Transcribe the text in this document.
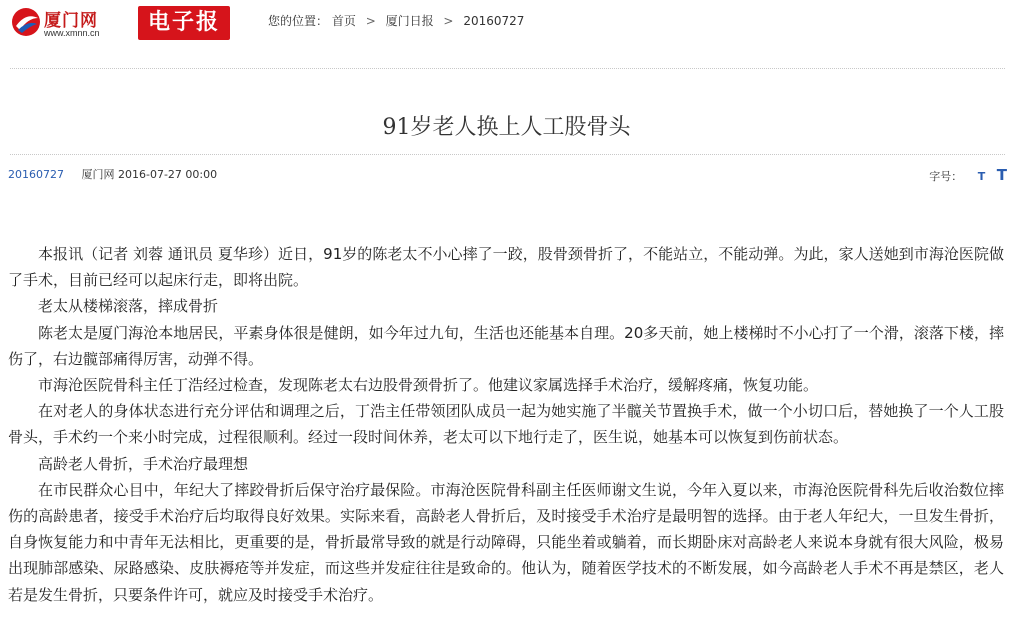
厦门网
www.xmnn.cn	电子报	您的位置： 首页 > 厦门日报 > 20160727
91岁老人换上人工股骨头
20160727 厦门网 2016-07-27 00:00	字号： T T

本报讯（记者 刘蓉 通讯员 夏华珍）近日，91岁的陈老太不小心摔了一跤，股骨颈骨折了，不能站立，不能动弹。为此，家人送她到市海沧医院做了手术，目前已经可以起床行走，即将出院。

老太从楼梯滚落，摔成骨折

陈老太是厦门海沧本地居民，平素身体很是健朗，如今年过九旬，生活也还能基本自理。20多天前，她上楼梯时不小心打了一个滑，滚落下楼，摔伤了，右边髋部痛得厉害，动弹不得。

市海沧医院骨科主任丁浩经过检查，发现陈老太右边股骨颈骨折了。他建议家属选择手术治疗，缓解疼痛，恢复功能。

在对老人的身体状态进行充分评估和调理之后，丁浩主任带领团队成员一起为她实施了半髋关节置换手术，做一个小切口后，替她换了一个人工股骨头，手术约一个来小时完成，过程很顺利。经过一段时间休养，老太可以下地行走了，医生说，她基本可以恢复到伤前状态。

高龄老人骨折，手术治疗最理想

在市民群众心目中，年纪大了摔跤骨折后保守治疗最保险。市海沧医院骨科副主任医师谢文生说，今年入夏以来，市海沧医院骨科先后收治数位摔伤的高龄患者，接受手术治疗后均取得良好效果。实际来看，高龄老人骨折后，及时接受手术治疗是最明智的选择。由于老人年纪大，一旦发生骨折，自身恢复能力和中青年无法相比，更重要的是，骨折最常导致的就是行动障碍，只能坐着或躺着，而长期卧床对高龄老人来说本身就有很大风险，极易出现肺部感染、尿路感染、皮肤褥疮等并发症，而这些并发症往往是致命的。他认为，随着医学技术的不断发展，如今高龄老人手术不再是禁区，老人若是发生骨折，只要条件许可，就应及时接受手术治疗。
